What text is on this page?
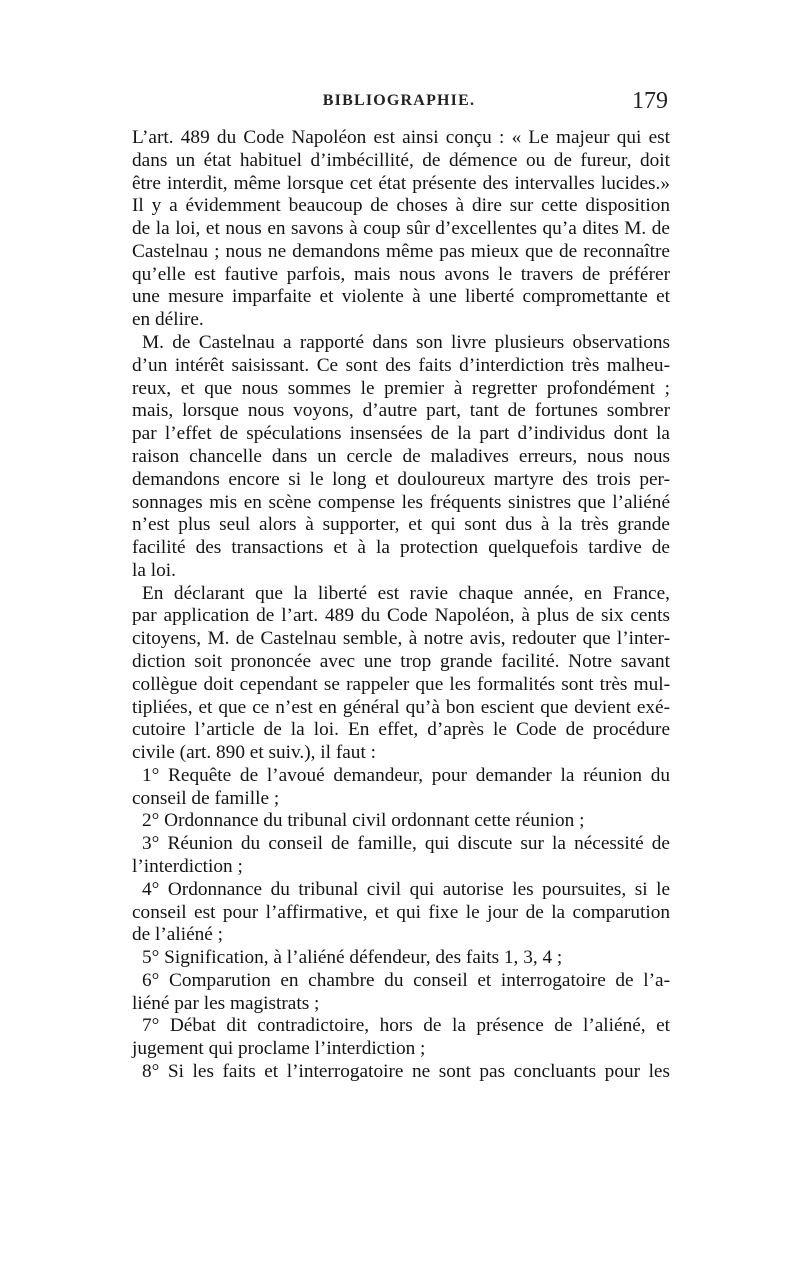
BIBLIOGRAPHIE.	179

L’art. 489 du Code Napoléon est ainsi conçu : « Le majeur qui est
dans un état habituel d’imbécillité, de démence ou de fureur, doit
être interdit, même lorsque cet état présente des intervalles lucides.»
Il y a évidemment beaucoup de choses à dire sur cette disposition
de la loi, et nous en savons à coup sûr d’excellentes qu’a dites M. de
Castelnau ; nous ne demandons même pas mieux que de reconnaître
qu’elle est fautive parfois, mais nous avons le travers de préférer
une mesure imparfaite et violente à une liberté compromettante et
en délire.

M. de Castelnau a rapporté dans son livre plusieurs observations
d’un intérêt saisissant. Ce sont des faits d’interdiction très malheu-
reux, et que nous sommes le premier à regretter profondément ;
mais, lorsque nous voyons, d’autre part, tant de fortunes sombrer
par l’effet de spéculations insensées de la part d’individus dont la
raison chancelle dans un cercle de maladives erreurs, nous nous
demandons encore si le long et douloureux martyre des trois per-
sonnages mis en scène compense les fréquents sinistres que l’aliéné
n’est plus seul alors à supporter, et qui sont dus à la très grande
facilité des transactions et à la protection quelquefois tardive de
la loi.

En déclarant que la liberté est ravie chaque année, en France,
par application de l’art. 489 du Code Napoléon, à plus de six cents
citoyens, M. de Castelnau semble, à notre avis, redouter que l’inter-
diction soit prononcée avec une trop grande facilité. Notre savant
collègue doit cependant se rappeler que les formalités sont très mul-
tipliées, et que ce n’est en général qu’à bon escient que devient exé-
cutoire l’article de la loi. En effet, d’après le Code de procédure
civile (art. 890 et suiv.), il faut :

1° Requête de l’avoué demandeur, pour demander la réunion du
conseil de famille ;

2° Ordonnance du tribunal civil ordonnant cette réunion ;

3° Réunion du conseil de famille, qui discute sur la nécessité de
l’interdiction ;

4° Ordonnance du tribunal civil qui autorise les poursuites, si le
conseil est pour l’affirmative, et qui fixe le jour de la comparution
de l’aliéné ;

5° Signification, à l’aliéné défendeur, des faits 1, 3, 4 ;

6° Comparution en chambre du conseil et interrogatoire de l’a-
liéné par les magistrats ;

7° Débat dit contradictoire, hors de la présence de l’aliéné, et
jugement qui proclame l’interdiction ;

8° Si les faits et l’interrogatoire ne sont pas concluants pour les
